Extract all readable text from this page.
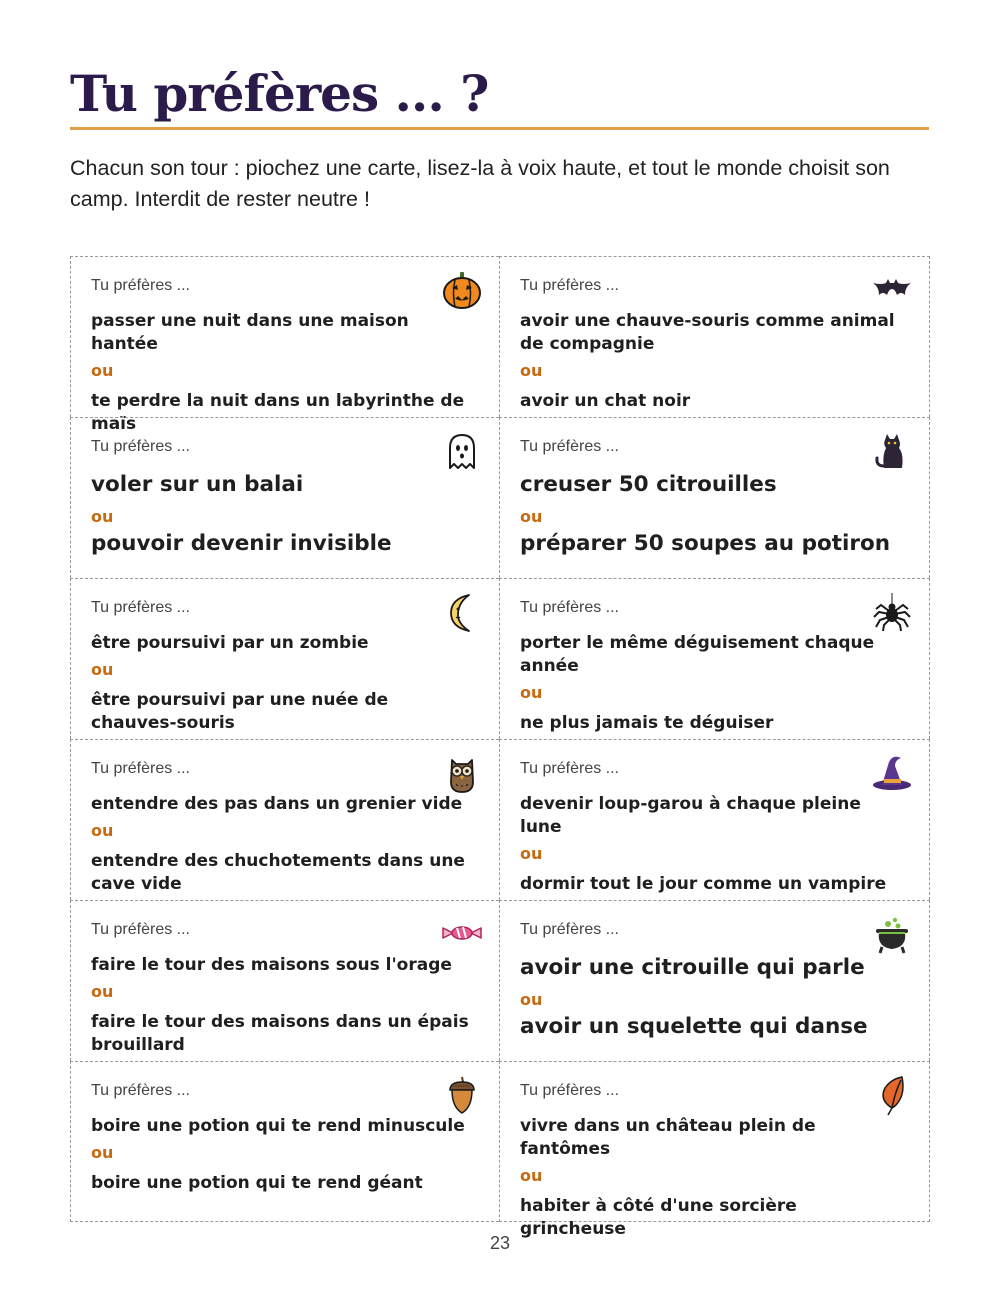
Tu préfères ... ?

Chacun son tour : piochez une carte, lisez-la à voix haute, et tout le monde choisit son camp. Interdit de rester neutre !

Tu préfères ...
passer une nuit dans une maison hantée
ou
te perdre la nuit dans un labyrinthe de maïs
Tu préfères ...
avoir une chauve-souris comme animal de compagnie
ou
avoir un chat noir
Tu préfères ...
voler sur un balai
ou
pouvoir devenir invisible
Tu préfères ...
creuser 50 citrouilles
ou
préparer 50 soupes au potiron
Tu préfères ...
être poursuivi par un zombie
ou
être poursuivi par une nuée de chauves-souris
Tu préfères ...
porter le même déguisement chaque année
ou
ne plus jamais te déguiser
Tu préfères ...
entendre des pas dans un grenier vide
ou
entendre des chuchotements dans une cave vide
Tu préfères ...
devenir loup-garou à chaque pleine lune
ou
dormir tout le jour comme un vampire
Tu préfères ...
faire le tour des maisons sous l'orage
ou
faire le tour des maisons dans un épais brouillard
Tu préfères ...
avoir une citrouille qui parle
ou
avoir un squelette qui danse
Tu préfères ...
boire une potion qui te rend minuscule
ou
boire une potion qui te rend géant
Tu préfères ...
vivre dans un château plein de fantômes
ou
habiter à côté d'une sorcière grincheuse
23
